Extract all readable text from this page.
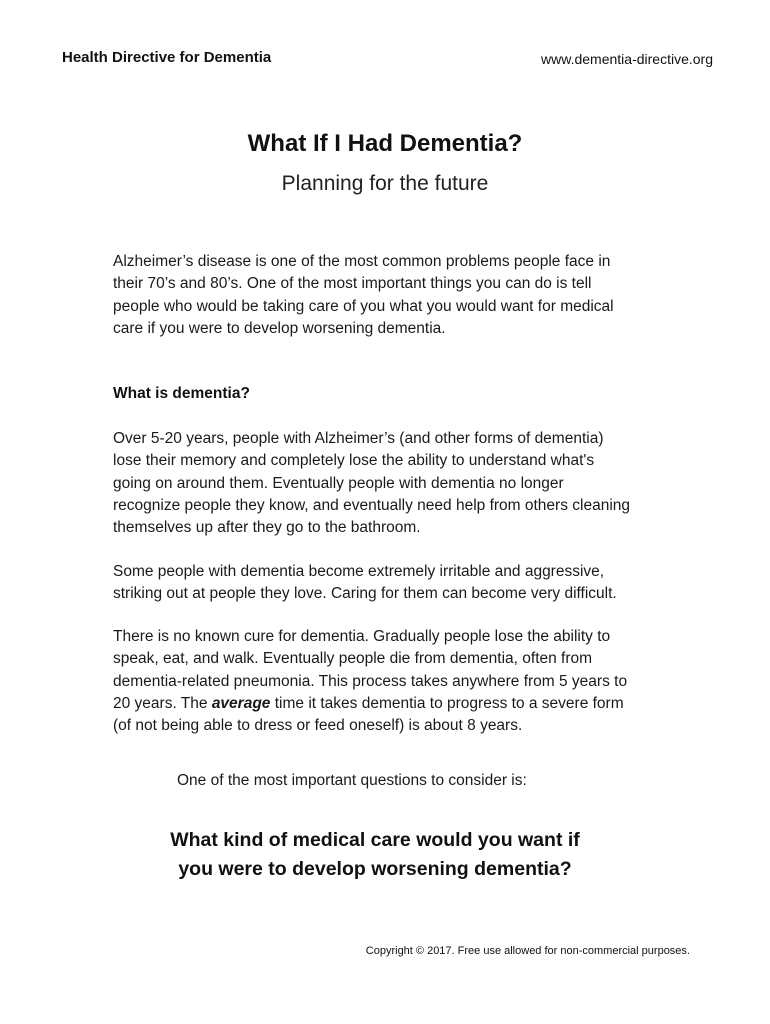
Health Directive for Dementia	www.dementia-directive.org
What If I Had Dementia?
Planning for the future

Alzheimer’s disease is one of the most common problems people face in

their 70’s and 80’s. One of the most important things you can do is tell

people who would be taking care of you what you would want for medical

care if you were to develop worsening dementia.

What is dementia?

Over 5-20 years, people with Alzheimer’s (and other forms of dementia)

lose their memory and completely lose the ability to understand what's

going on around them. Eventually people with dementia no longer

recognize people they know, and eventually need help from others cleaning

themselves up after they go to the bathroom.

Some people with dementia become extremely irritable and aggressive,

striking out at people they love. Caring for them can become very difficult.

There is no known cure for dementia. Gradually people lose the ability to

speak, eat, and walk. Eventually people die from dementia, often from

dementia-related pneumonia. This process takes anywhere from 5 years to

20 years. The average time it takes dementia to progress to a severe form

(of not being able to dress or feed oneself) is about 8 years.

One of the most important questions to consider is:
What kind of medical care would you want if
you were to develop worsening dementia?
Copyright © 2017. Free use allowed for non-commercial purposes.
